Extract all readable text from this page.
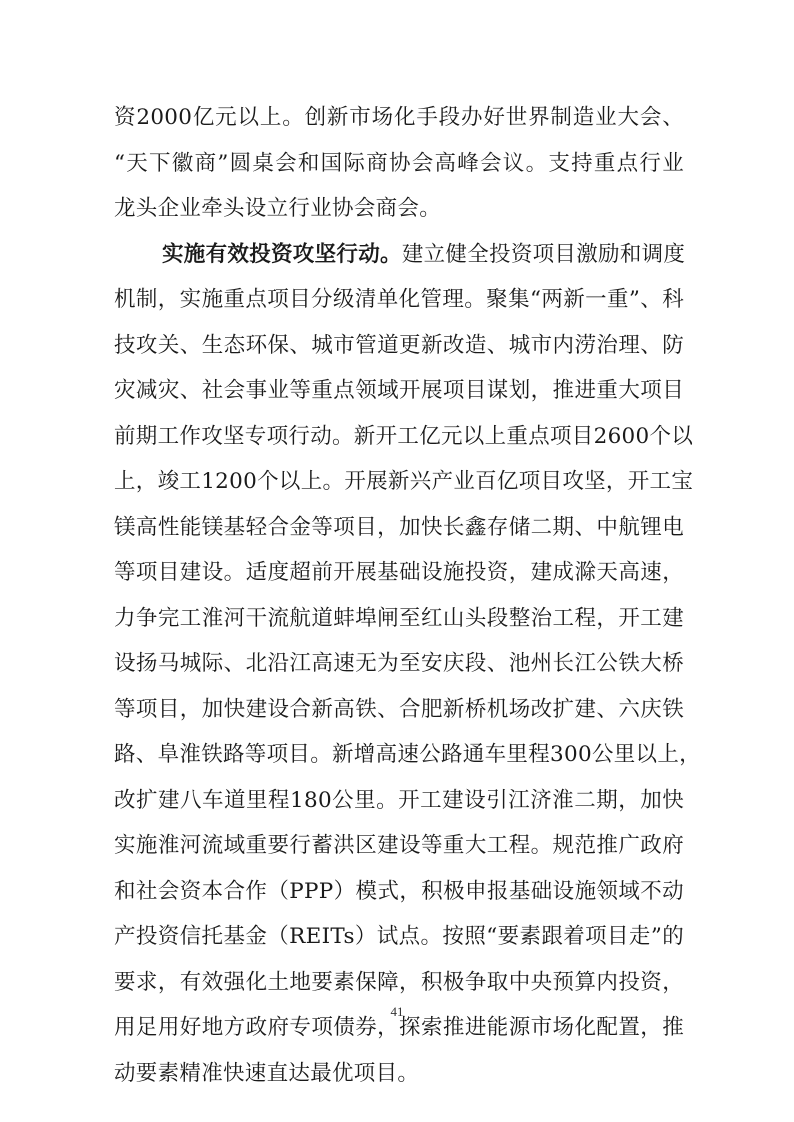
资2000亿元以上。创新市场化手段办好世界制造业大会、
“天下徽商”圆桌会和国际商协会高峰会议。支持重点行业
龙头企业牵头设立行业协会商会。
实施有效投资攻坚行动。建立健全投资项目激励和调度
机制，实施重点项目分级清单化管理。聚集“两新一重”、科
技攻关、生态环保、城市管道更新改造、城市内涝治理、防
灾减灾、社会事业等重点领域开展项目谋划，推进重大项目
前期工作攻坚专项行动。新开工亿元以上重点项目2600个以
上，竣工1200个以上。开展新兴产业百亿项目攻坚，开工宝
镁高性能镁基轻合金等项目，加快长鑫存储二期、中航锂电
等项目建设。适度超前开展基础设施投资，建成滁天高速，
力争完工淮河干流航道蚌埠闸至红山头段整治工程，开工建
设扬马城际、北沿江高速无为至安庆段、池州长江公铁大桥
等项目，加快建设合新高铁、合肥新桥机场改扩建、六庆铁
路、阜淮铁路等项目。新增高速公路通车里程300公里以上，
改扩建八车道里程180公里。开工建设引江济淮二期，加快
实施淮河流域重要行蓄洪区建设等重大工程。规范推广政府
和社会资本合作（PPP）模式，积极申报基础设施领域不动
产投资信托基金（REITs）试点。按照“要素跟着项目走”的
要求，有效强化土地要素保障，积极争取中央预算内投资，
用足用好地方政府专项债券，探索推进能源市场化配置，推
动要素精准快速直达最优项目。
41
